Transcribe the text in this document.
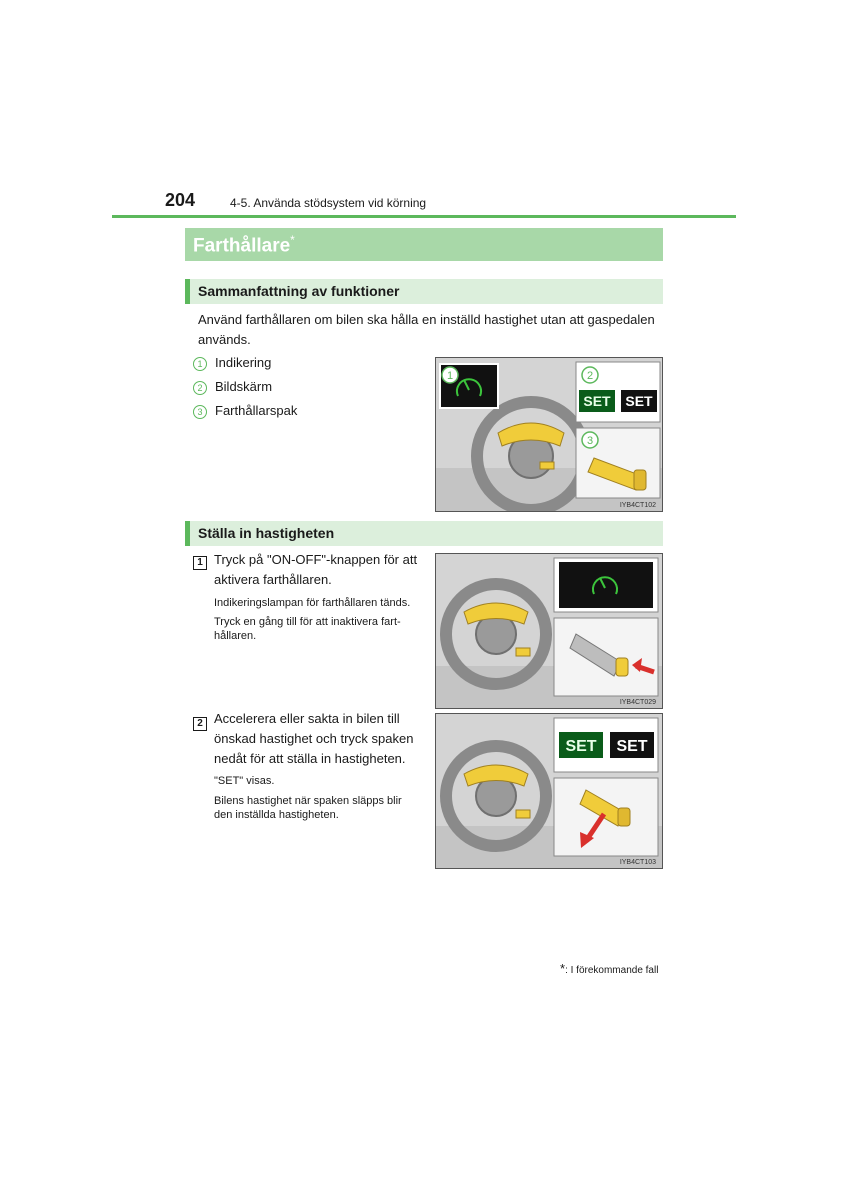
204	4-5. Använda stödsystem vid körning
Farthållare*
Sammanfattning av funktioner
Använd farthållaren om bilen ska hålla en inställd hastighet utan att gaspedalen används.
1 Indikering
2 Bildskärm
3 Farthållarspak
1
SET SET
2
3
IYB4CT102
Ställa in hastigheten
1 Tryck på "ON-OFF"-knappen för att
aktivera farthållaren.
Indikeringslampan för farthållaren tänds.
Tryck en gång till för att inaktivera fart-
hållaren.
IYB4CT029
2 Accelerera eller sakta in bilen till
önskad hastighet och tryck spaken
nedåt för att ställa in hastigheten.
"SET" visas.
Bilens hastighet när spaken släpps blir
den inställda hastigheten.
SET SET
IYB4CT103
*: I förekommande fall
